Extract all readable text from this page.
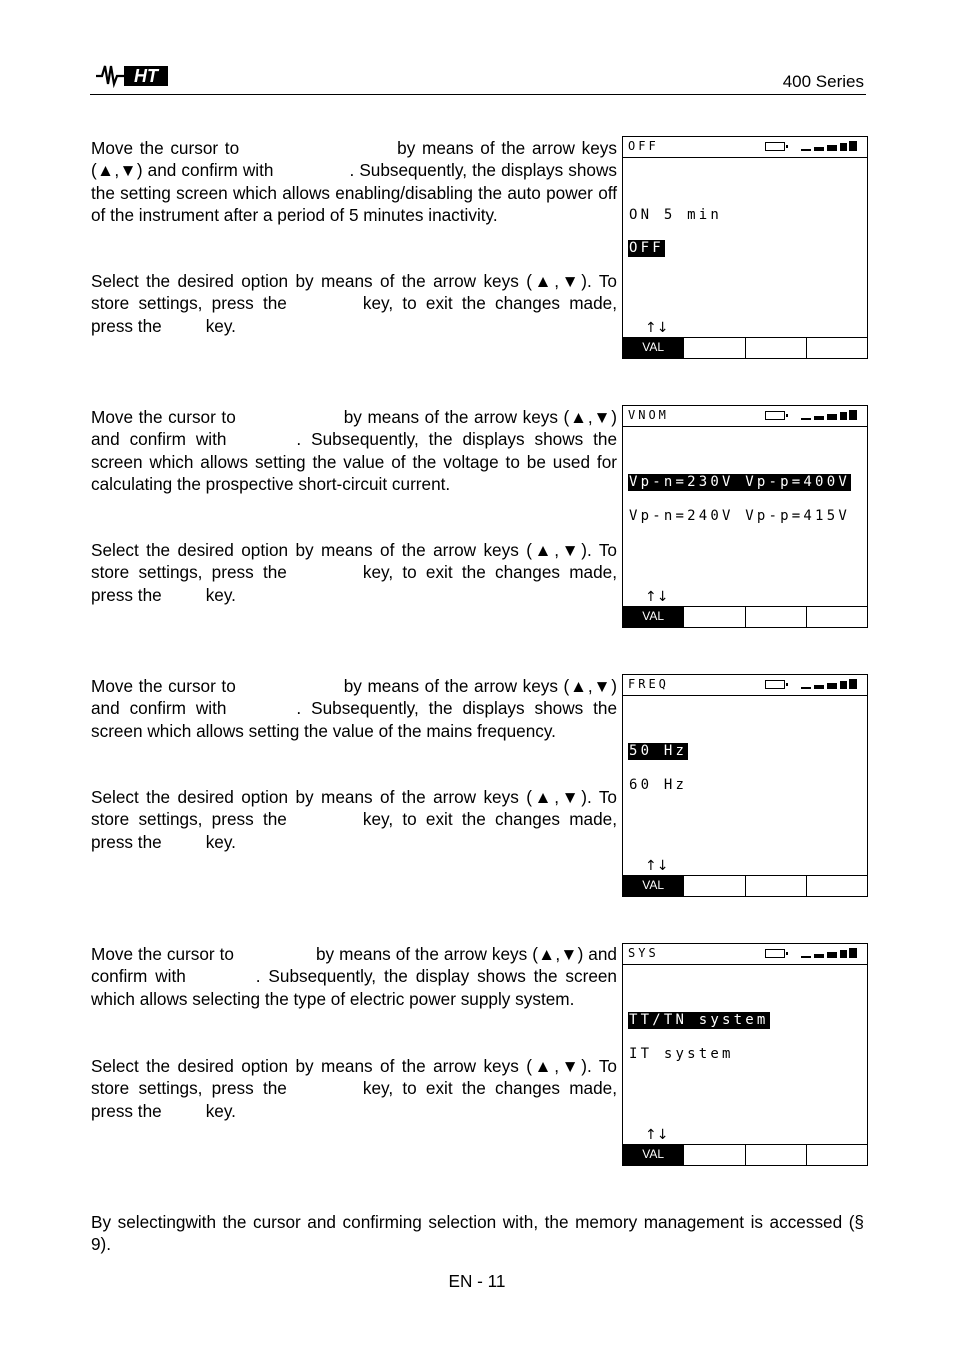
HT	400 Series

Move the cursor to	by means of the arrow keys (▲,▼) and confirm with	. Subsequently, the displays shows the setting screen which allows enabling/disabling the auto power off of the instrument after a period of 5 minutes inactivity.

Select the desired option by means of the arrow keys (▲,▼). To store settings, press the	key, to exit the changes made, press the	key.

OFF
ON 5 min
OFF
↑↓
VAL

Move the cursor to	by means of the arrow keys (▲,▼) and confirm with	. Subsequently, the displays shows the screen which allows setting the value of the voltage to be used for calculating the prospective short-circuit current.

Select the desired option by means of the arrow keys (▲,▼). To store settings, press the	key, to exit the changes made, press the	key.

VNOM
Vp-n=230V Vp-p=400V
Vp-n=240V Vp-p=415V
↑↓
VAL

Move the cursor to	by means of the arrow keys (▲,▼) and confirm with	. Subsequently, the displays shows the screen which allows setting the value of the mains frequency.

Select the desired option by means of the arrow keys (▲,▼). To store settings, press the	key, to exit the changes made, press the	key.

FREQ
50 Hz
60 Hz
↑↓
VAL

Move the cursor to	by means of the arrow keys (▲,▼) and confirm with	. Subsequently, the display shows the screen which allows selecting the type of electric power supply system.

Select the desired option by means of the arrow keys (▲,▼). To store settings, press the	key, to exit the changes made, press the	key.

SYS
TT/TN system
IT system
↑↓
VAL

By selectingwith the cursor and confirming selection with, the memory management is accessed (§ 9).

EN - 11
